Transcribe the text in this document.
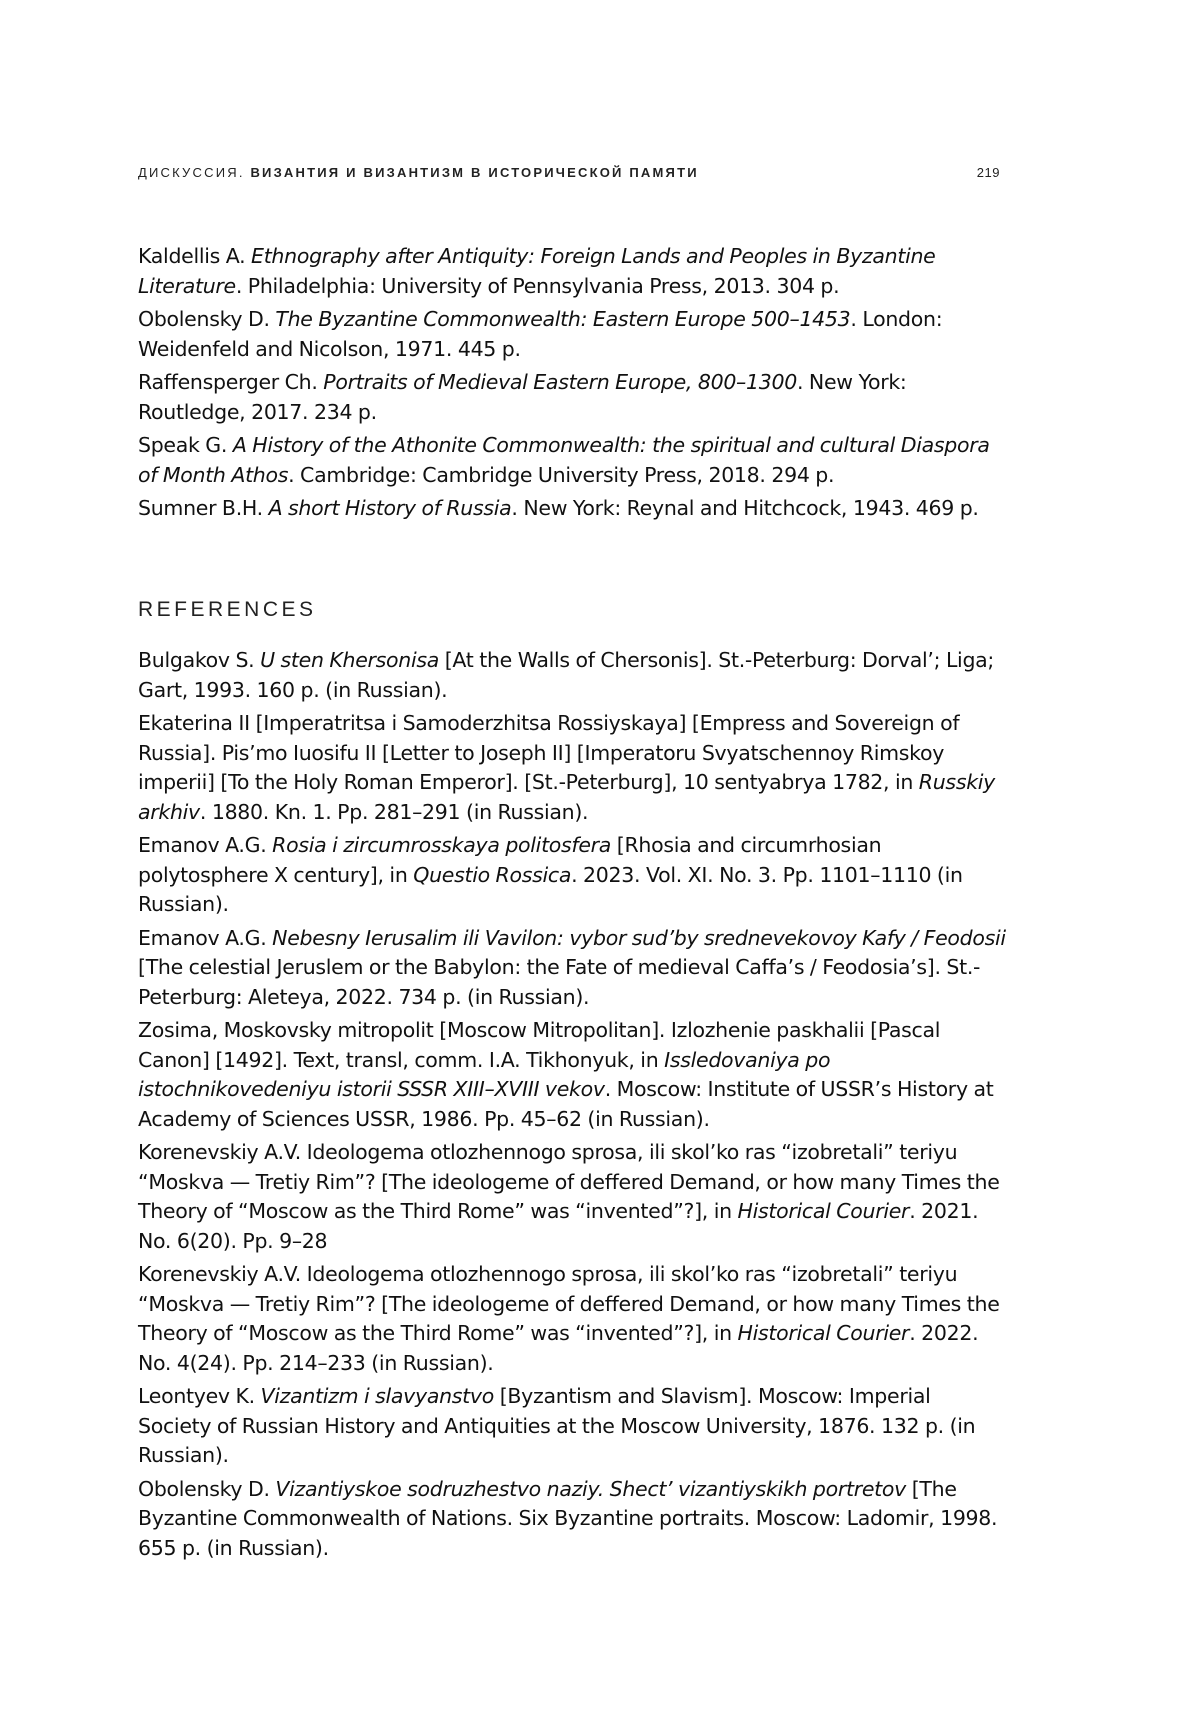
ДИСКУССИЯ. ВИЗАНТИЯ И ВИЗАНТИЗМ В ИСТОРИЧЕСКОЙ ПАМЯТИ	219

Kaldellis A. Ethnography after Antiquity: Foreign Lands and Peoples in Byzantine Literature. Philadelphia: University of Pennsylvania Press, 2013. 304 p.

Obolensky D. The Byzantine Commonwealth: Eastern Europe 500–1453. London: Weidenfeld and Nicolson, 1971. 445 p.

Raffensperger Ch. Portraits of Medieval Eastern Europe, 800–1300. New York: Routledge, 2017. 234 p.

Speak G. A History of the Athonite Commonwealth: the spiritual and cultural Diaspora of Month Athos. Cambridge: Cambridge University Press, 2018. 294 p.

Sumner B.H. A short History of Russia. New York: Reynal and Hitchcock, 1943. 469 p.

REFERENCES

Bulgakov S. U sten Khersonisa [At the Walls of Chersonis]. St.-Peterburg: Dorval’; Liga; Gart, 1993. 160 p. (in Russian).

Ekaterina II [Imperatritsa i Samoderzhitsa Rossiyskaya] [Empress and Sovereign of Russia]. Pis’mo Iuosifu II [Letter to Joseph II] [Imperatoru Svyatschennoy Rimskoy imperii] [To the Holy Roman Emperor]. [St.-Peterburg], 10 sentyabrya 1782, in Russkiy arkhiv. 1880. Kn. 1. Pp. 281–291 (in Russian).

Emanov A.G. Rosia i zircumrosskaya politosfera [Rhosia and circumrhosian polytosphere X century], in Questio Rossica. 2023. Vol. XI. No. 3. Pp. 1101–1110 (in Russian).

Emanov A.G. Nebesny Ierusalim ili Vavilon: vybor sud’by srednevekovoy Kafy / Feodosii [The celestial Jeruslem or the Babylon: the Fate of medieval Caffa’s / Feodosia’s]. St.-Peterburg: Aleteya, 2022. 734 p. (in Russian).

Zosima, Moskovsky mitropolit [Moscow Mitropolitan]. Izlozhenie paskhalii [Pascal Canon] [1492]. Text, transl, comm. I.A. Tikhonyuk, in Issledovaniya po istochnikovedeniyu istorii SSSR XIII–XVIII vekov. Moscow: Institute of USSR’s History at Academy of Sciences USSR, 1986. Pp. 45–62 (in Russian).

Korenevskiy A.V. Ideologema otlozhennogo sprosa, ili skol’ko ras “izobretali” teriyu “Moskva — Tretiy Rim”? [The ideologeme of deffered Demand, or how many Times the Theory of “Moscow as the Third Rome” was “invented”?], in Historical Courier. 2021. No. 6(20). Pp. 9–28

Korenevskiy A.V. Ideologema otlozhennogo sprosa, ili skol’ko ras “izobretali” teriyu “Moskva — Tretiy Rim”? [The ideologeme of deffered Demand, or how many Times the Theory of “Moscow as the Third Rome” was “invented”?], in Historical Courier. 2022. No. 4(24). Pp. 214–233 (in Russian).

Leontyev K. Vizantizm i slavyanstvo [Byzantism and Slavism]. Moscow: Imperial Society of Russian History and Antiquities at the Moscow University, 1876. 132 p. (in Russian).

Obolensky D. Vizantiyskoe sodruzhestvo naziy. Shect’ vizantiyskikh portretov [The Byzantine Commonwealth of Nations. Six Byzantine portraits. Moscow: Ladomir, 1998. 655 p. (in Russian).
